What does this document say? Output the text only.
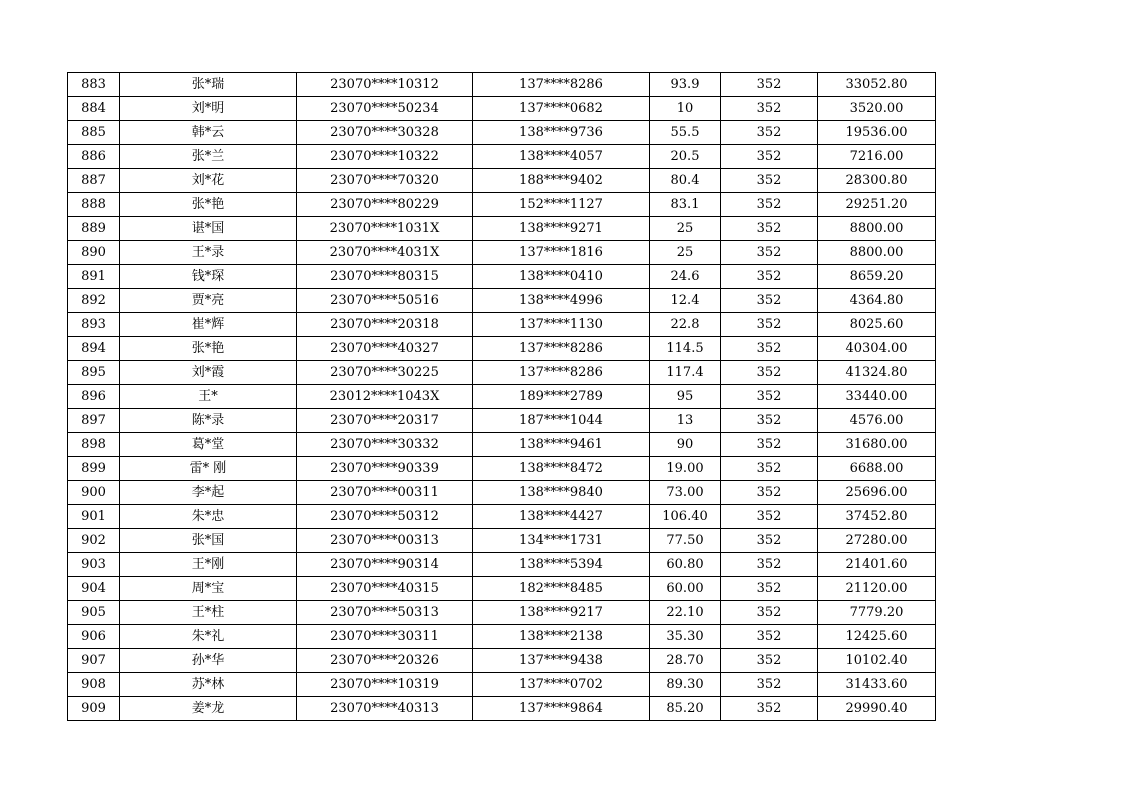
883	张*瑞	23070****10312	137****8286	93.9	352	33052.80
884	刘*明	23070****50234	137****0682	10	352	3520.00
885	韩*云	23070****30328	138****9736	55.5	352	19536.00
886	张*兰	23070****10322	138****4057	20.5	352	7216.00
887	刘*花	23070****70320	188****9402	80.4	352	28300.80
888	张*艳	23070****80229	152****1127	83.1	352	29251.20
889	谌*国	23070****1031X	138****9271	25	352	8800.00
890	王*录	23070****4031X	137****1816	25	352	8800.00
891	钱*琛	23070****80315	138****0410	24.6	352	8659.20
892	贾*亮	23070****50516	138****4996	12.4	352	4364.80
893	崔*辉	23070****20318	137****1130	22.8	352	8025.60
894	张*艳	23070****40327	137****8286	114.5	352	40304.00
895	刘*霞	23070****30225	137****8286	117.4	352	41324.80
896	王*	23012****1043X	189****2789	95	352	33440.00
897	陈*录	23070****20317	187****1044	13	352	4576.00
898	葛*堂	23070****30332	138****9461	90	352	31680.00
899	雷* 刚	23070****90339	138****8472	19.00	352	6688.00
900	李*起	23070****00311	138****9840	73.00	352	25696.00
901	朱*忠	23070****50312	138****4427	106.40	352	37452.80
902	张*国	23070****00313	134****1731	77.50	352	27280.00
903	王*刚	23070****90314	138****5394	60.80	352	21401.60
904	周*宝	23070****40315	182****8485	60.00	352	21120.00
905	王*柱	23070****50313	138****9217	22.10	352	7779.20
906	朱*礼	23070****30311	138****2138	35.30	352	12425.60
907	孙*华	23070****20326	137****9438	28.70	352	10102.40
908	苏*林	23070****10319	137****0702	89.30	352	31433.60
909	姜*龙	23070****40313	137****9864	85.20	352	29990.40
